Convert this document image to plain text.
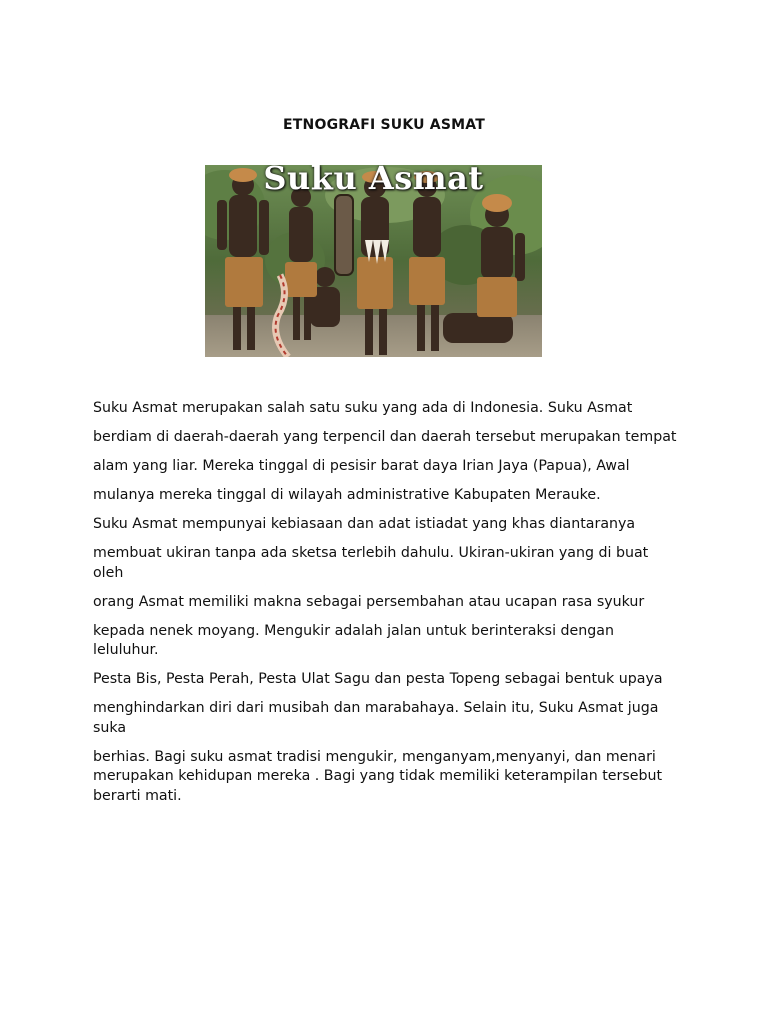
ETNOGRAFI SUKU ASMAT
Suku Asmat

Suku Asmat merupakan salah satu suku yang ada di Indonesia. Suku Asmat

berdiam di daerah-daerah yang terpencil dan daerah tersebut merupakan tempat

alam yang liar. Mereka tinggal di pesisir barat daya Irian Jaya (Papua), Awal

mulanya mereka tinggal di wilayah administrative Kabupaten Merauke.

Suku Asmat mempunyai kebiasaan dan adat istiadat yang khas diantaranya

membuat ukiran tanpa ada sketsa terlebih dahulu. Ukiran-ukiran yang di buat oleh

orang Asmat memiliki makna sebagai persembahan atau ucapan rasa syukur

kepada nenek moyang. Mengukir adalah jalan untuk berinteraksi dengan leluluhur.

Pesta Bis, Pesta Perah, Pesta Ulat Sagu dan pesta Topeng sebagai bentuk upaya

menghindarkan diri dari musibah dan marabahaya. Selain itu, Suku Asmat juga suka

berhias. Bagi suku asmat tradisi mengukir, menganyam,menyanyi, dan menari merupakan kehidupan mereka . Bagi yang tidak memiliki keterampilan tersebut berarti mati.
